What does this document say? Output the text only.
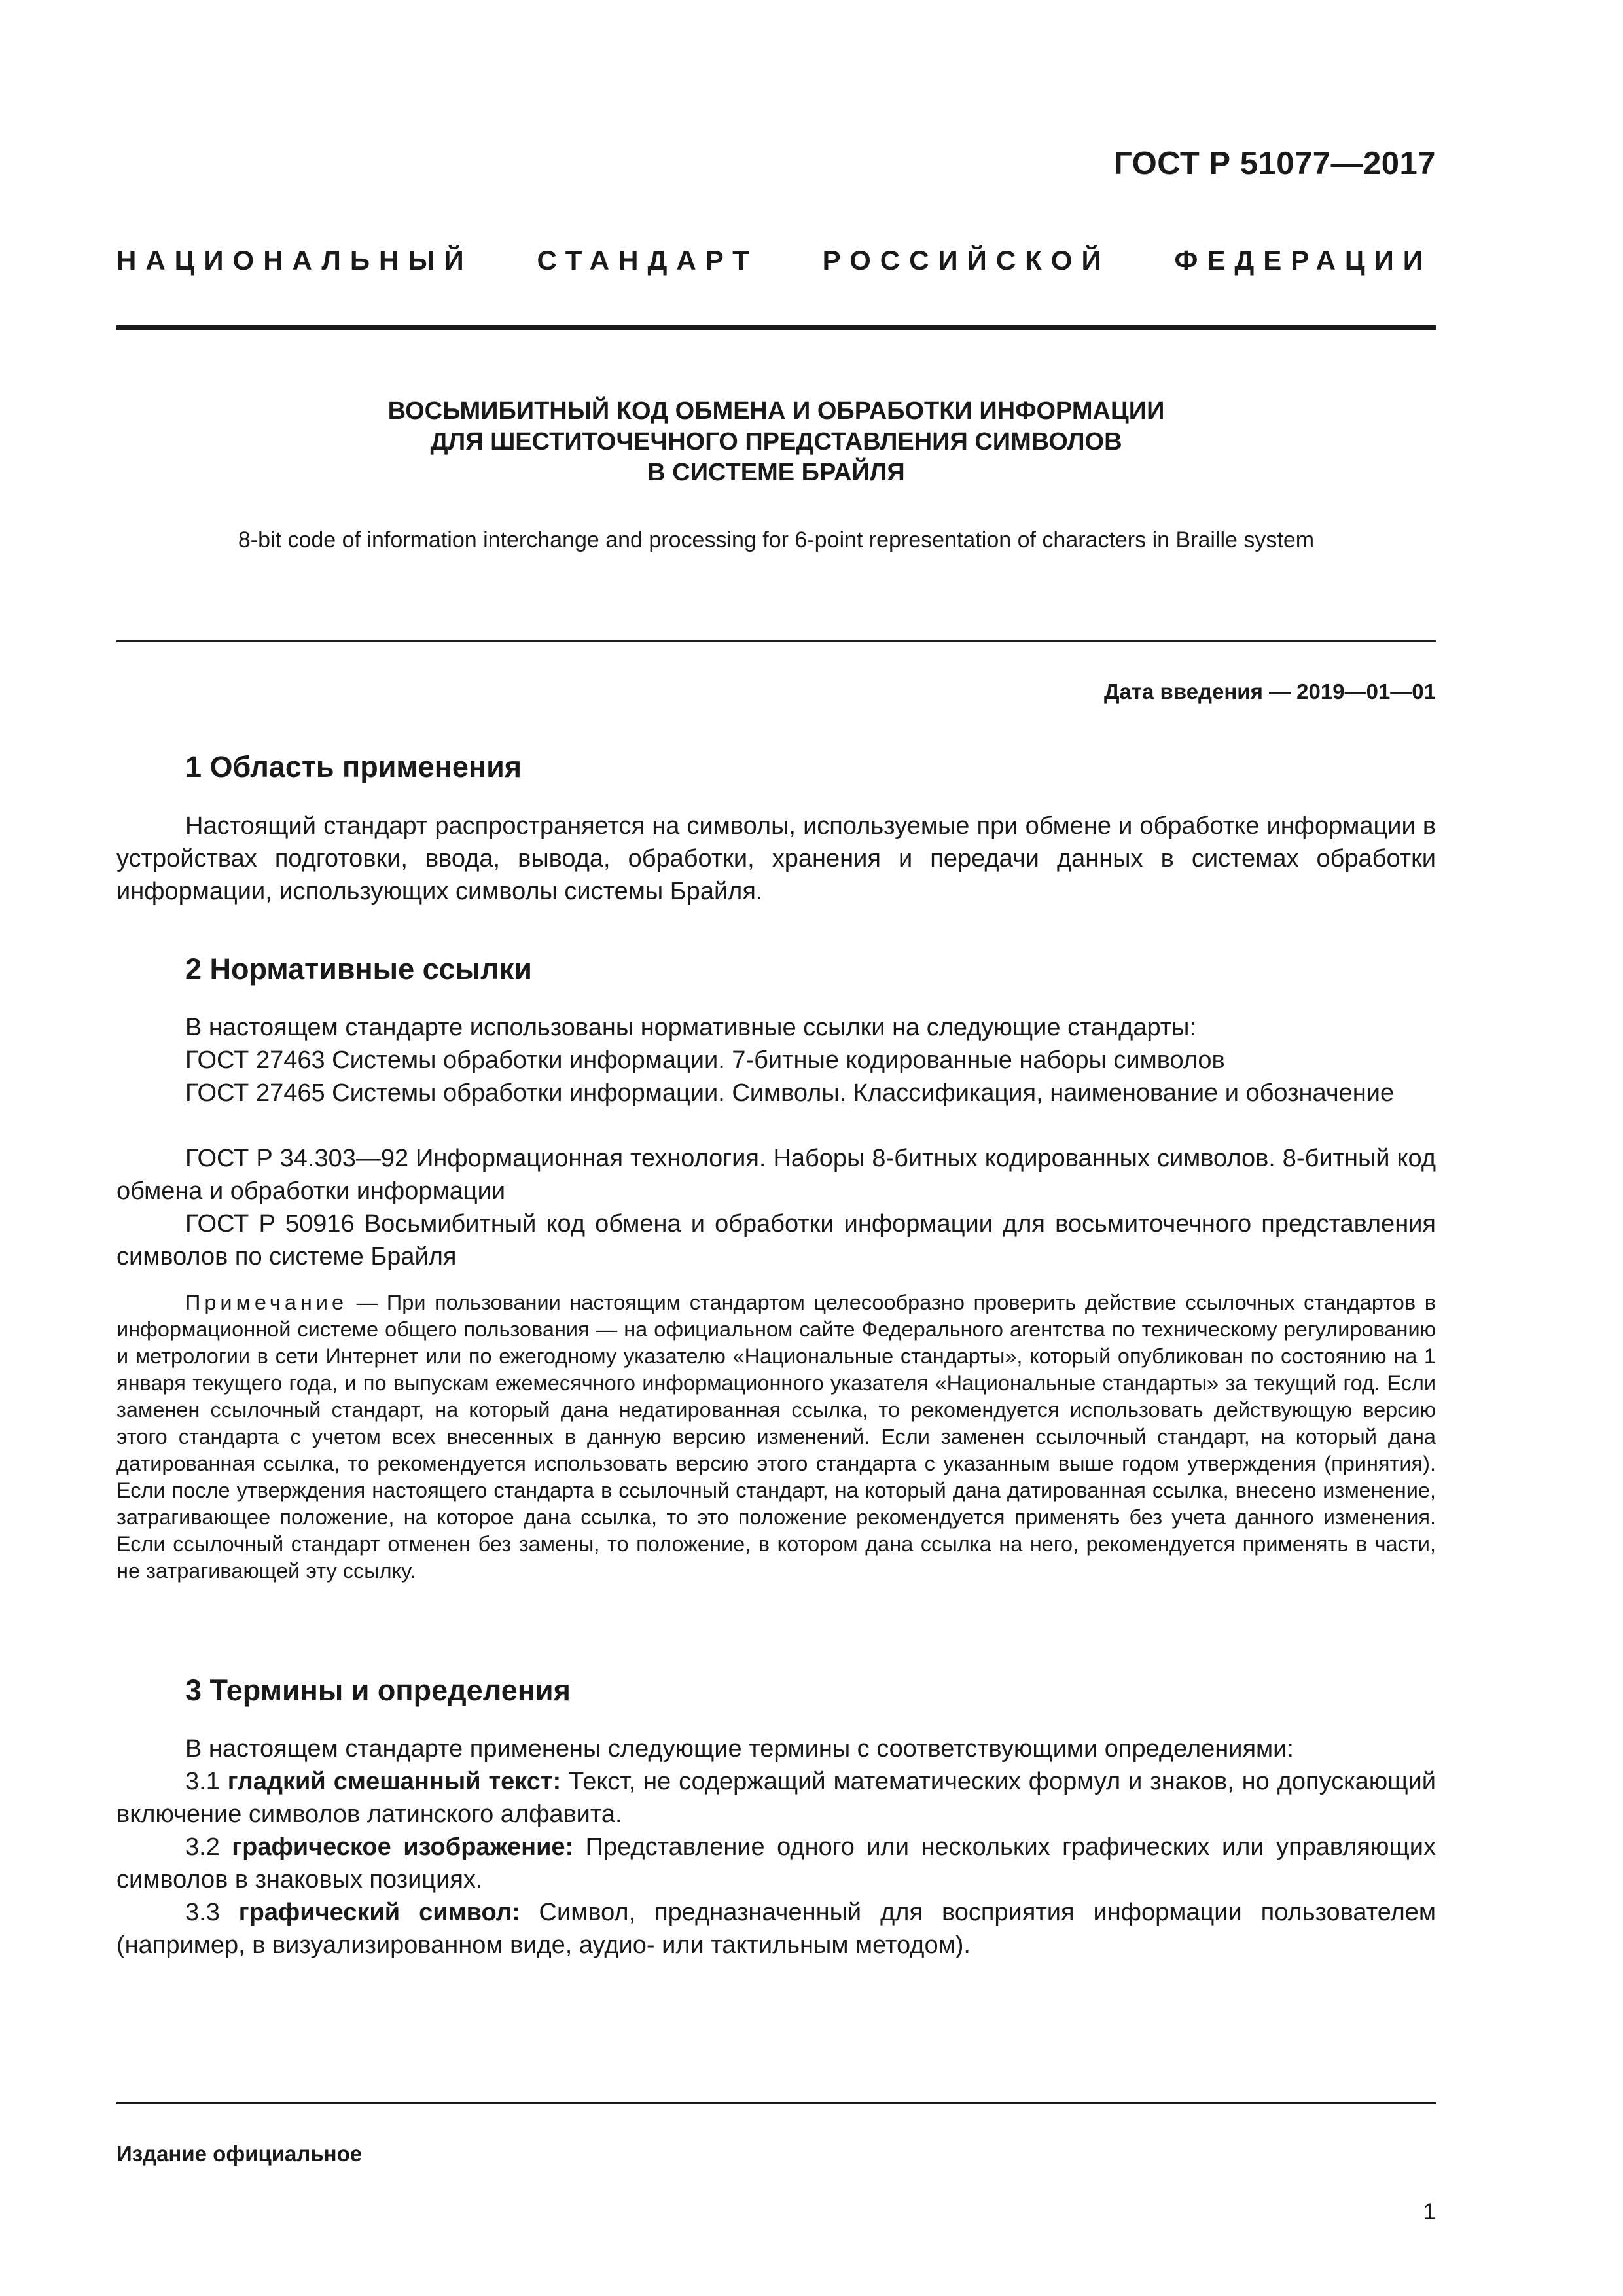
ГОСТ Р 51077—2017
НАЦИОНАЛЬНЫЙ СТАНДАРТ РОССИЙСКОЙ ФЕДЕРАЦИИ
ВОСЬМИБИТНЫЙ КОД ОБМЕНА И ОБРАБОТКИ ИНФОРМАЦИИ
ДЛЯ ШЕСТИТОЧЕЧНОГО ПРЕДСТАВЛЕНИЯ СИМВОЛОВ
В СИСТЕМЕ БРАЙЛЯ
8-bit code of information interchange and processing for 6-point representation of characters in Braille system
Дата введения — 2019—01—01
1 Область применения

Настоящий стандарт распространяется на символы, используемые при обмене и обработке информации в устройствах подготовки, ввода, вывода, обработки, хранения и передачи данных в системах обработки информации, использующих символы системы Брайля.

2 Нормативные ссылки

В настоящем стандарте использованы нормативные ссылки на следующие стандарты:

ГОСТ 27463 Системы обработки информации. 7-битные кодированные наборы символов

ГОСТ 27465 Системы обработки информации. Символы. Классификация, наименование и обозначение

ГОСТ Р 34.303—92 Информационная технология. Наборы 8-битных кодированных символов. 8-битный код обмена и обработки информации

ГОСТ Р 50916 Восьмибитный код обмена и обработки информации для восьмиточечного представления символов по системе Брайля

Примечание — При пользовании настоящим стандартом целесообразно проверить действие ссылочных стандартов в информационной системе общего пользования — на официальном сайте Федерального агентства по техническому регулированию и метрологии в сети Интернет или по ежегодному указателю «Национальные стандарты», который опубликован по состоянию на 1 января текущего года, и по выпускам ежемесячного информационного указателя «Национальные стандарты» за текущий год. Если заменен ссылочный стандарт, на который дана недатированная ссылка, то рекомендуется использовать действующую версию этого стандарта с учетом всех внесенных в данную версию изменений. Если заменен ссылочный стандарт, на который дана датированная ссылка, то рекомендуется использовать версию этого стандарта с указанным выше годом утверждения (принятия). Если после утверждения настоящего стандарта в ссылочный стандарт, на который дана датированная ссылка, внесено изменение, затрагивающее положение, на которое дана ссылка, то это положение рекомендуется применять без учета данного изменения. Если ссылочный стандарт отменен без замены, то положение, в котором дана ссылка на него, рекомендуется применять в части, не затрагивающей эту ссылку.

3 Термины и определения

В настоящем стандарте применены следующие термины с соответствующими определениями:

3.1 гладкий смешанный текст: Текст, не содержащий математических формул и знаков, но допускающий включение символов латинского алфавита.

3.2 графическое изображение: Представление одного или нескольких графических или управляющих символов в знаковых позициях.

3.3 графический символ: Символ, предназначенный для восприятия информации пользователем (например, в визуализированном виде, аудио- или тактильным методом).

Издание официальное
1
